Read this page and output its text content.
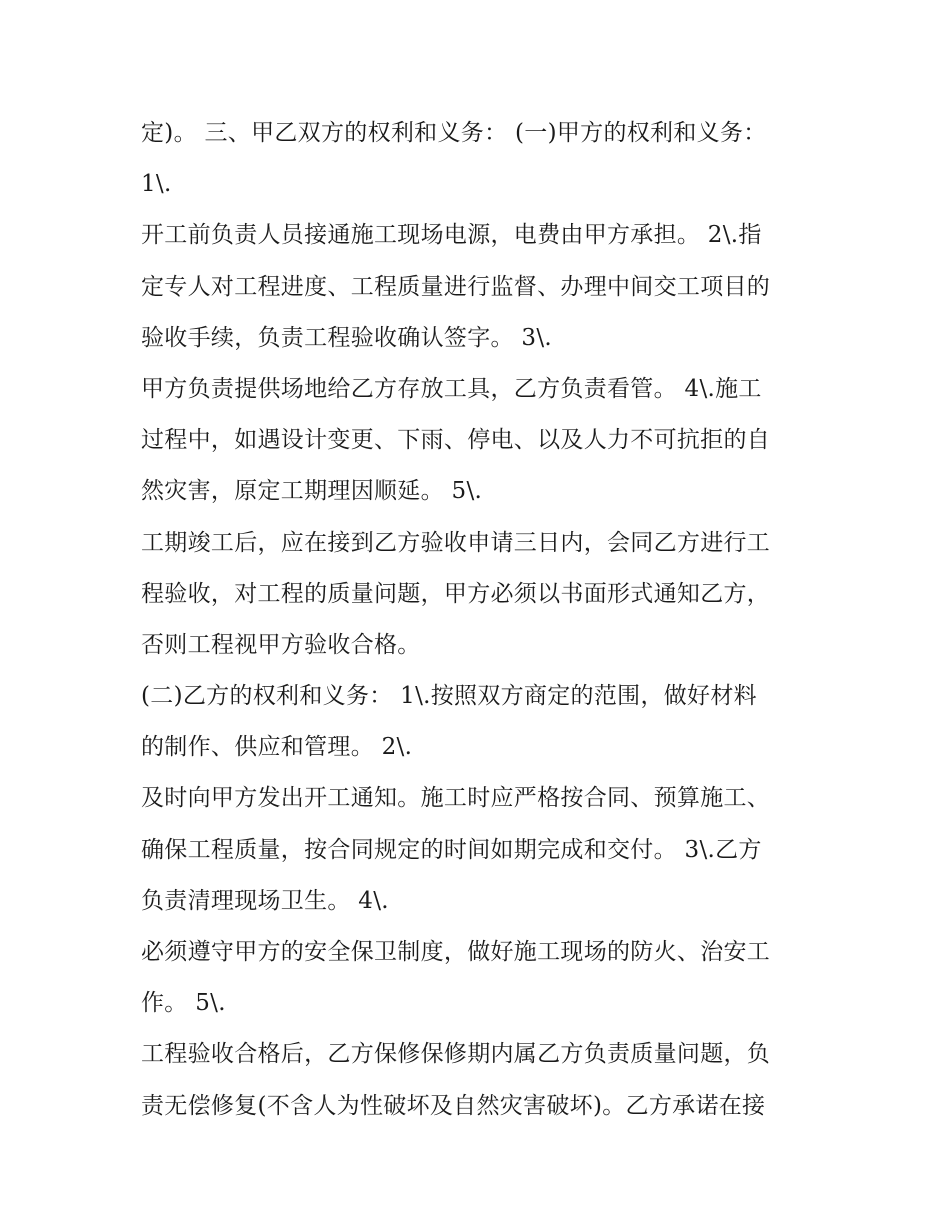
定)。 三、甲乙双方的权利和义务： (一)甲方的权利和义务：
1\.
开工前负责人员接通施工现场电源，电费由甲方承担。 2\.指
定专人对工程进度、工程质量进行监督、办理中间交工项目的
验收手续，负责工程验收确认签字。 3\.
甲方负责提供场地给乙方存放工具，乙方负责看管。 4\.施工
过程中，如遇设计变更、下雨、停电、以及人力不可抗拒的自
然灾害，原定工期理因顺延。 5\.
工期竣工后，应在接到乙方验收申请三日内，会同乙方进行工
程验收，对工程的质量问题，甲方必须以书面形式通知乙方，
否则工程视甲方验收合格。
(二)乙方的权利和义务： 1\.按照双方商定的范围，做好材料
的制作、供应和管理。 2\.
及时向甲方发出开工通知。施工时应严格按合同、预算施工、
确保工程质量，按合同规定的时间如期完成和交付。 3\.乙方
负责清理现场卫生。 4\.
必须遵守甲方的安全保卫制度，做好施工现场的防火、治安工
作。 5\.
工程验收合格后，乙方保修保修期内属乙方负责质量问题，负
责无偿修复(不含人为性破坏及自然灾害破坏)。乙方承诺在接
